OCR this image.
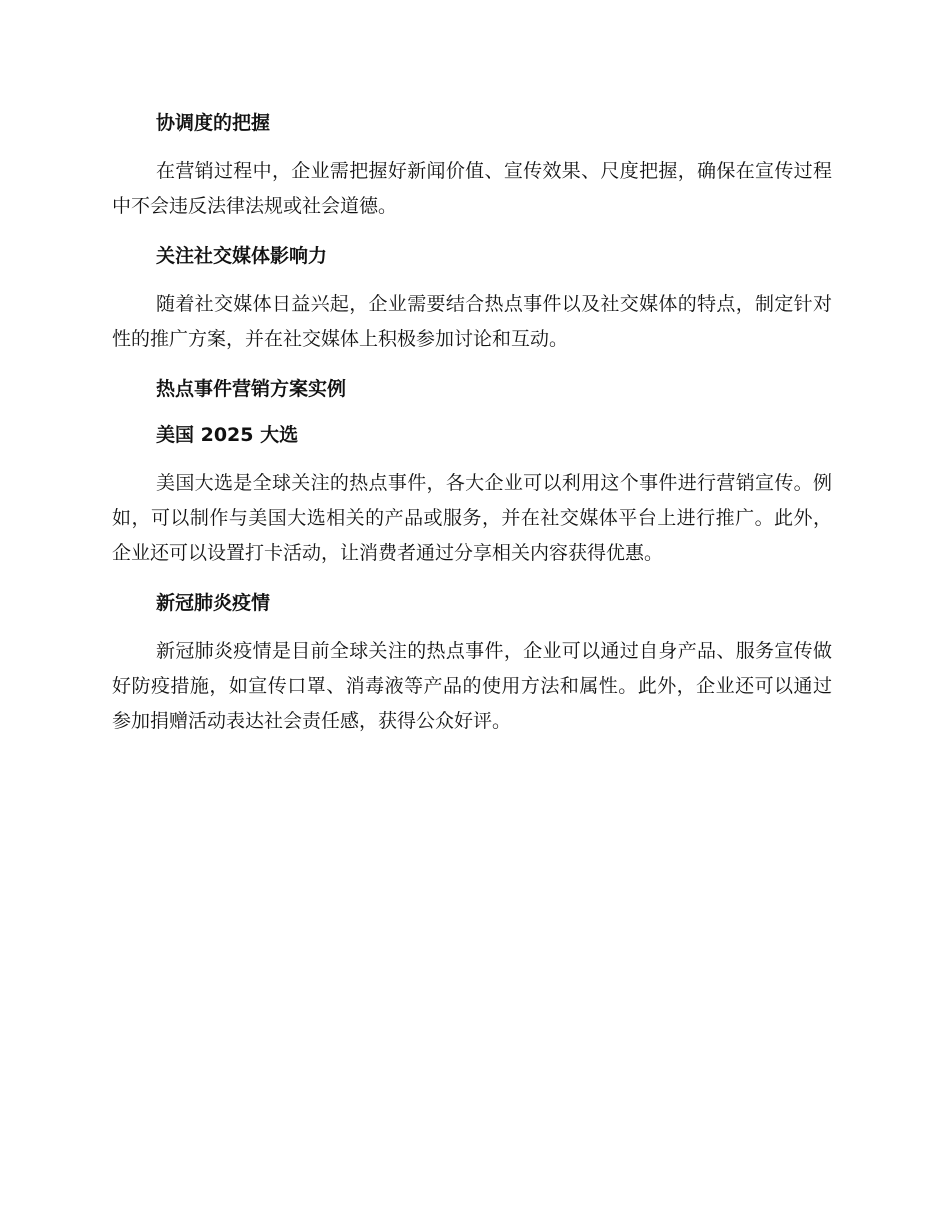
协调度的把握

在营销过程中，企业需把握好新闻价值、宣传效果、尺度把握，确保在宣传过程中不会违反法律法规或社会道德。

关注社交媒体影响力

随着社交媒体日益兴起，企业需要结合热点事件以及社交媒体的特点，制定针对性的推广方案，并在社交媒体上积极参加讨论和互动。

热点事件营销方案实例
美国 2025 大选

美国大选是全球关注的热点事件，各大企业可以利用这个事件进行营销宣传。例如，可以制作与美国大选相关的产品或服务，并在社交媒体平台上进行推广。此外，企业还可以设置打卡活动，让消费者通过分享相关内容获得优惠。

新冠肺炎疫情

新冠肺炎疫情是目前全球关注的热点事件，企业可以通过自身产品、服务宣传做好防疫措施，如宣传口罩、消毒液等产品的使用方法和属性。此外，企业还可以通过参加捐赠活动表达社会责任感，获得公众好评。
